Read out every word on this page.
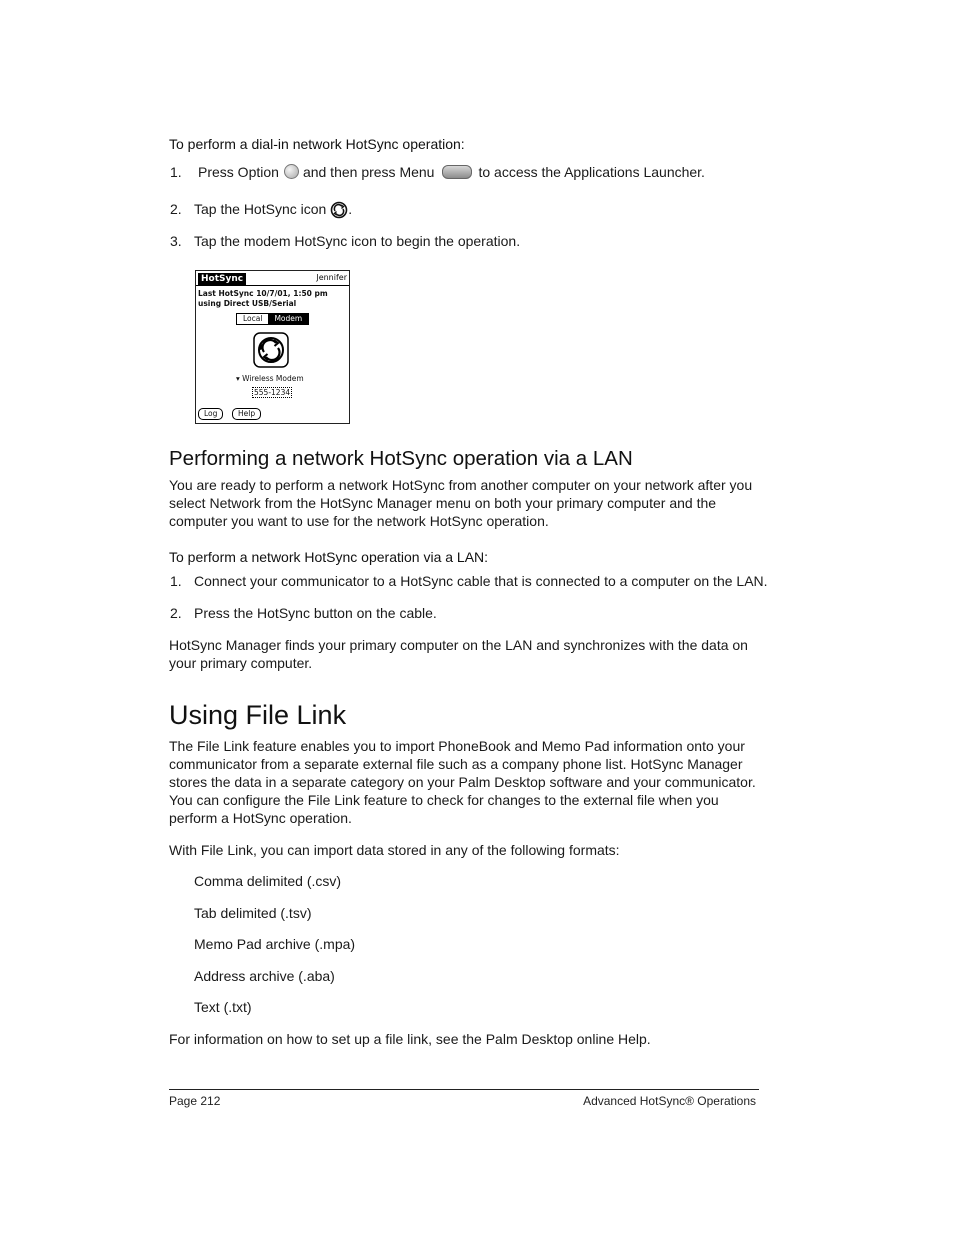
To perform a dial-in network HotSync operation:
1. Press Option and then press Menu	to access the Applications Launcher.
2. Tap the HotSync icon .
3. Tap the modem HotSync icon to begin the operation.
HotSync	Jennifer
Last HotSync 10/7/01, 1:50 pm
using Direct USB/Serial
Local	Modem
▾ Wireless Modem
555-1234
Log	Help
Performing a network HotSync operation via a LAN
You are ready to perform a network HotSync from another computer on your network after you
select Network from the HotSync Manager menu on both your primary computer and the
computer you want to use for the network HotSync operation.
To perform a network HotSync operation via a LAN:
1. Connect your communicator to a HotSync cable that is connected to a computer on the LAN.
2. Press the HotSync button on the cable.
HotSync Manager finds your primary computer on the LAN and synchronizes with the data on
your primary computer.
Using File Link
The File Link feature enables you to import PhoneBook and Memo Pad information onto your
communicator from a separate external file such as a company phone list. HotSync Manager
stores the data in a separate category on your Palm Desktop software and your communicator.
You can configure the File Link feature to check for changes to the external file when you
perform a HotSync operation.
With File Link, you can import data stored in any of the following formats:
Comma delimited (.csv)
Tab delimited (.tsv)
Memo Pad archive (.mpa)
Address archive (.aba)
Text (.txt)
For information on how to set up a file link, see the Palm Desktop online Help.
Page 212	Advanced HotSync® Operations
